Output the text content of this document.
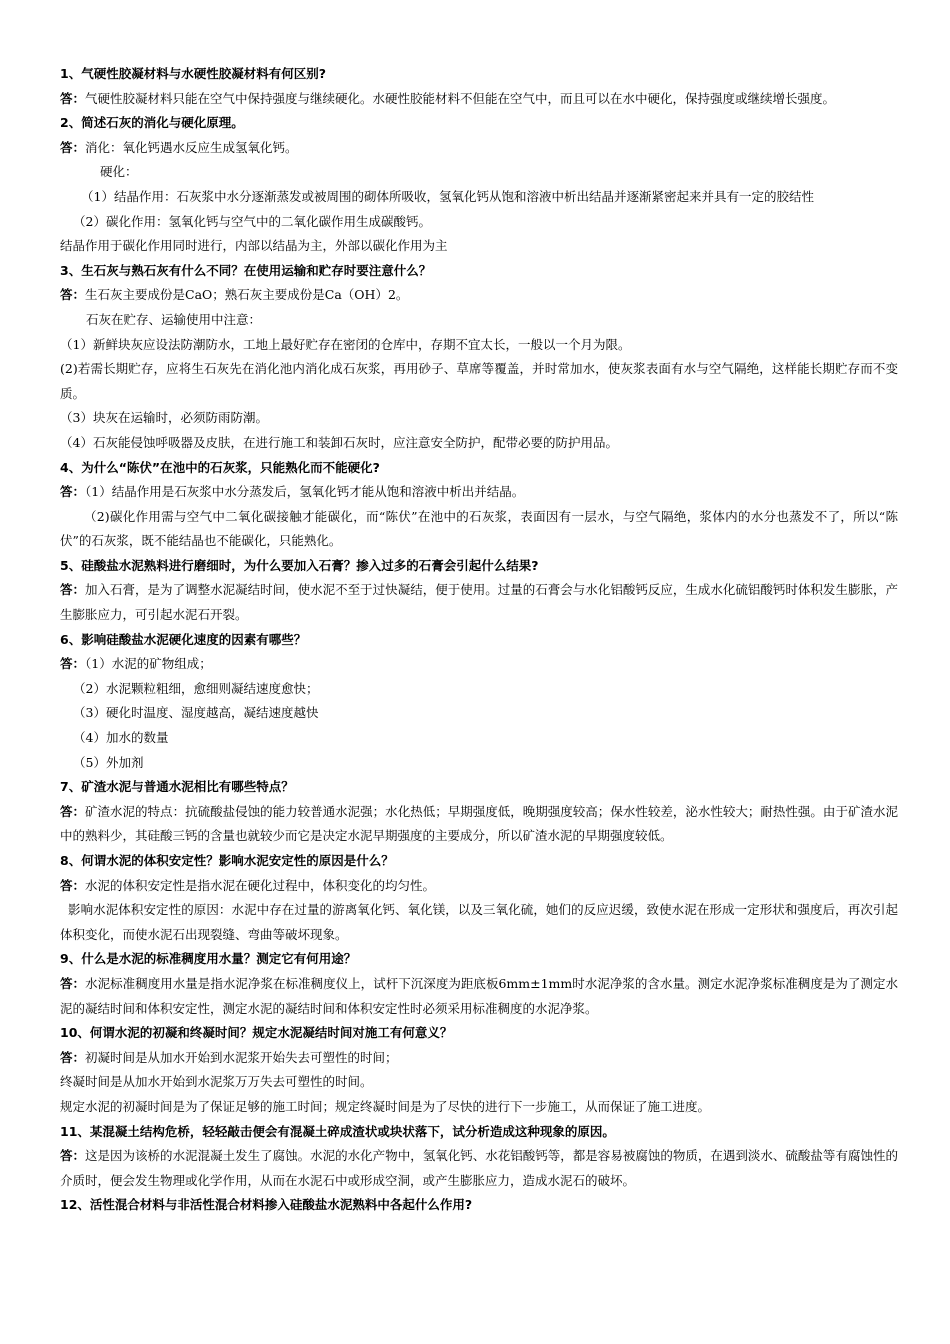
1、气硬性胶凝材料与水硬性胶凝材料有何区别?

答：气硬性胶凝材料只能在空气中保持强度与继续硬化。水硬性胶能材料不但能在空气中，而且可以在水中硬化，保持强度或继续增长强度。

2、简述石灰的消化与硬化原理。

答：消化：氧化钙遇水反应生成氢氧化钙。

硬化：

（1）结晶作用：石灰浆中水分逐渐蒸发或被周围的砌体所吸收，氢氧化钙从饱和溶液中析出结晶并逐渐紧密起来并具有一定的胶结性

（2）碳化作用：氢氧化钙与空气中的二氧化碳作用生成碳酸钙。

结晶作用于碳化作用同时进行，内部以结晶为主，外部以碳化作用为主

3、生石灰与熟石灰有什么不同？在使用运输和贮存时要注意什么？

答：生石灰主要成份是CaO；熟石灰主要成份是Ca（OH）2。

石灰在贮存、运输使用中注意：

（1）新鲜块灰应设法防潮防水，工地上最好贮存在密闭的仓库中，存期不宜太长，一般以一个月为限。

(2)若需长期贮存，应将生石灰先在消化池内消化成石灰浆，再用砂子、草席等覆盖，并时常加水，使灰浆表面有水与空气隔绝，这样能长期贮存而不变质。

（3）块灰在运输时，必须防雨防潮。

（4）石灰能侵蚀呼吸器及皮肤，在进行施工和装卸石灰时，应注意安全防护，配带必要的防护用品。

4、为什么“陈伏”在池中的石灰浆，只能熟化而不能硬化?

答：（1）结晶作用是石灰浆中水分蒸发后，氢氧化钙才能从饱和溶液中析出并结晶。

（2)碳化作用需与空气中二氧化碳接触才能碳化，而“陈伏”在池中的石灰浆，表面因有一层水，与空气隔绝，浆体内的水分也蒸发不了，所以“陈伏”的石灰浆，既不能结晶也不能碳化，只能熟化。

5、硅酸盐水泥熟料进行磨细时，为什么要加入石膏？掺入过多的石膏会引起什么结果?

答：加入石膏，是为了调整水泥凝结时间，使水泥不至于过快凝结，便于使用。过量的石膏会与水化铝酸钙反应，生成水化硫铝酸钙时体积发生膨胀，产生膨胀应力，可引起水泥石开裂。

6、影响硅酸盐水泥硬化速度的因素有哪些？

答：（1）水泥的矿物组成；

（2）水泥颗粒粗细，愈细则凝结速度愈快；

（3）硬化时温度、湿度越高，凝结速度越快

（4）加水的数量

（5）外加剂

7、矿渣水泥与普通水泥相比有哪些特点？

答：矿渣水泥的特点：抗硫酸盐侵蚀的能力较普通水泥强；水化热低；早期强度低，晚期强度较高；保水性较差，泌水性较大；耐热性强。由于矿渣水泥中的熟料少，其硅酸三钙的含量也就较少而它是决定水泥早期强度的主要成分，所以矿渣水泥的早期强度较低。

8、何谓水泥的体积安定性？影响水泥安定性的原因是什么？

答：水泥的体积安定性是指水泥在硬化过程中，体积变化的均匀性。

影响水泥体积安定性的原因：水泥中存在过量的游离氧化钙、氧化镁，以及三氧化硫，她们的反应迟缓，致使水泥在形成一定形状和强度后，再次引起体积变化，而使水泥石出现裂缝、弯曲等破坏现象。

9、什么是水泥的标准稠度用水量？测定它有何用途？

答：水泥标准稠度用水量是指水泥净浆在标准稠度仪上，试杆下沉深度为距底板6mm±1mm时水泥净浆的含水量。测定水泥净浆标准稠度是为了测定水泥的凝结时间和体积安定性，测定水泥的凝结时间和体积安定性时必须采用标准稠度的水泥净浆。

10、何谓水泥的初凝和终凝时间？规定水泥凝结时间对施工有何意义？

答：初凝时间是从加水开始到水泥浆开始失去可塑性的时间；

终凝时间是从加水开始到水泥浆万万失去可塑性的时间。

规定水泥的初凝时间是为了保证足够的施工时间；规定终凝时间是为了尽快的进行下一步施工，从而保证了施工进度。

11、某混凝土结构危桥，轻轻敲击便会有混凝土碎成渣状或块状落下，试分析造成这种现象的原因。

答：这是因为该桥的水泥混凝土发生了腐蚀。水泥的水化产物中，氢氧化钙、水花铝酸钙等，都是容易被腐蚀的物质，在遇到淡水、硫酸盐等有腐蚀性的介质时，便会发生物理或化学作用，从而在水泥石中或形成空洞，或产生膨胀应力，造成水泥石的破坏。

12、活性混合材料与非活性混合材料掺入硅酸盐水泥熟料中各起什么作用?
